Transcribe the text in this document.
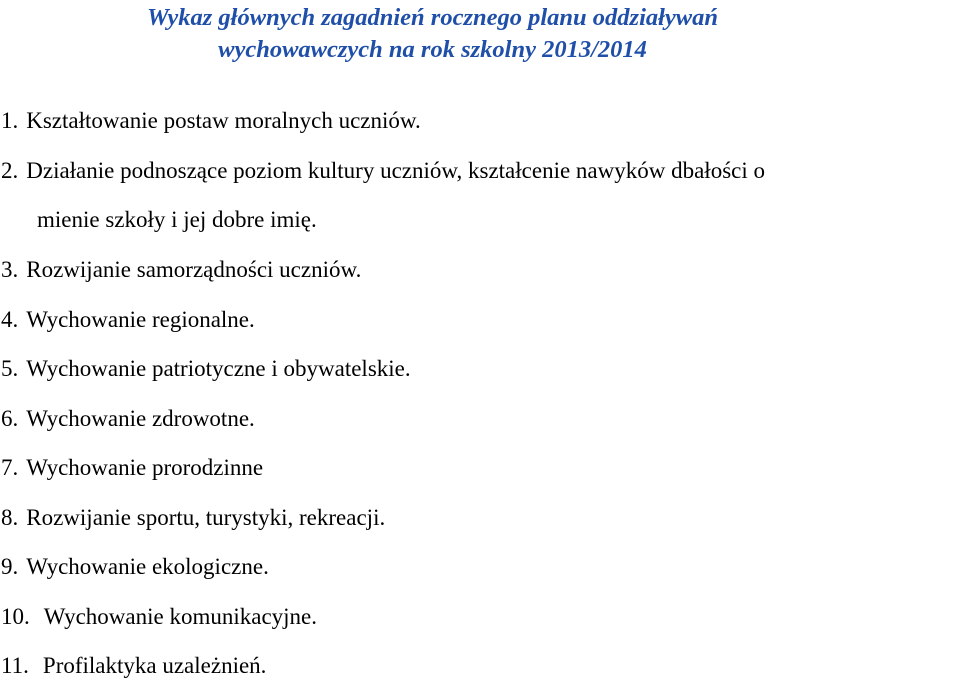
Wykaz głównych zagadnień rocznego planu oddziaływań
wychowawczych na rok szkolny 2013/2014
1. Kształtowanie postaw moralnych uczniów.
2. Działanie podnoszące poziom kultury uczniów, kształcenie nawyków dbałości o
mienie szkoły i jej dobre imię.
3. Rozwijanie samorządności uczniów.
4. Wychowanie regionalne.
5. Wychowanie patriotyczne i obywatelskie.
6. Wychowanie zdrowotne.
7. Wychowanie prorodzinne
8. Rozwijanie sportu, turystyki, rekreacji.
9. Wychowanie ekologiczne.
10. Wychowanie komunikacyjne.
11. Profilaktyka uzależnień.
